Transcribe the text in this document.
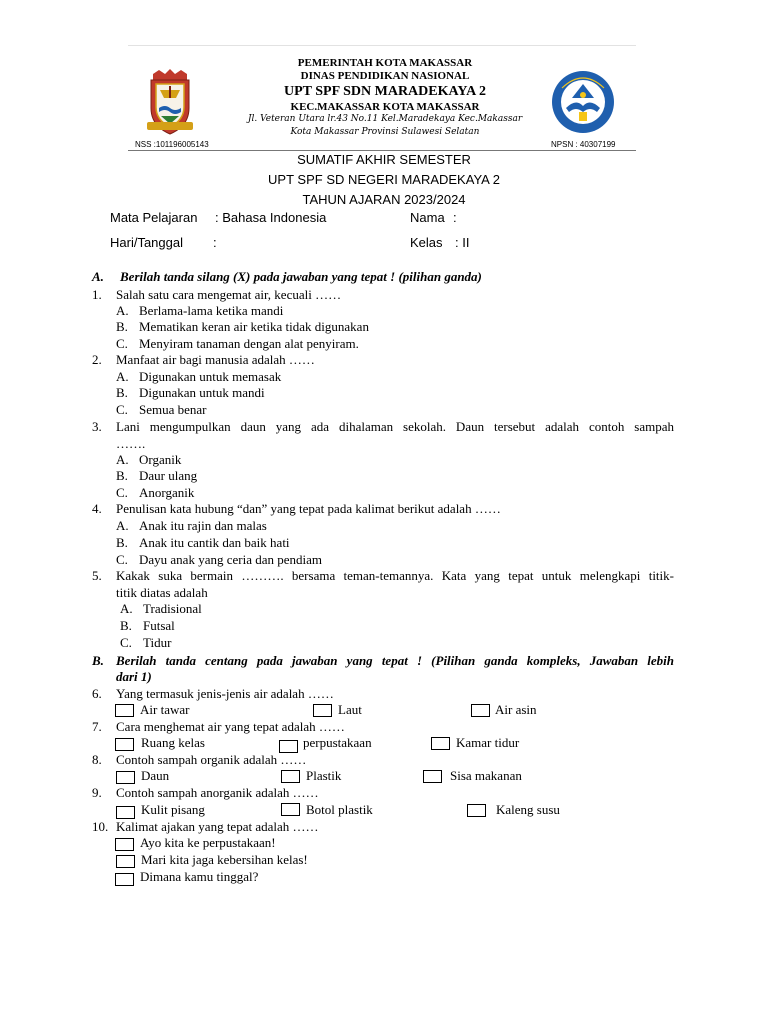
PEMERINTAH KOTA MAKASSAR
DINAS PENDIDIKAN NASIONAL
UPT SPF SDN MARADEKAYA 2
KEC.MAKASSAR KOTA MAKASSAR
Jl. Veteran Utara lr.43 No.11 Kel.Maradekaya Kec.Makassar
Kota Makassar Provinsi Sulawesi Selatan
NSS :101196005143	NPSN : 40307199
SUMATIF AKHIR SEMESTER
UPT SPF SD NEGERI MARADEKAYA 2
TAHUN AJARAN 2023/2024
Mata Pelajaran : Bahasa Indonesia	Nama :
Hari/Tanggal :	Kelas : II
A. Berilah tanda silang (X) pada jawaban yang tepat ! (pilihan ganda)
1. Salah satu cara mengemat air, kecuali ……
A. Berlama-lama ketika mandi
B. Mematikan keran air ketika tidak digunakan
C. Menyiram tanaman dengan alat penyiram.
2. Manfaat air bagi manusia adalah ……
A. Digunakan untuk memasak
B. Digunakan untuk mandi
C. Semua benar
3. Lani mengumpulkan daun yang ada dihalaman sekolah. Daun tersebut adalah contoh sampah
…….
A. Organik
B. Daur ulang
C. Anorganik
4. Penulisan kata hubung “dan” yang tepat pada kalimat berikut adalah ……
A. Anak itu rajin dan malas
B. Anak itu cantik dan baik hati
C. Dayu anak yang ceria dan pendiam
5. Kakak suka bermain ………. bersama teman-temannya. Kata yang tepat untuk melengkapi titik-
titik diatas adalah
A. Tradisional
B. Futsal
C. Tidur
B. Berilah tanda centang pada jawaban yang tepat ! (Pilihan ganda kompleks, Jawaban lebih
dari 1)
6. Yang termasuk jenis-jenis air adalah ……
Air tawar	Laut	Air asin
7. Cara menghemat air yang tepat adalah ……
Ruang kelas	perpustakaan	Kamar tidur
8. Contoh sampah organik adalah ……
Daun	Plastik	Sisa makanan
9. Contoh sampah anorganik adalah ……
Kulit pisang	Botol plastik	Kaleng susu
10. Kalimat ajakan yang tepat adalah ……
Ayo kita ke perpustakaan!
Mari kita jaga kebersihan kelas!
Dimana kamu tinggal?
